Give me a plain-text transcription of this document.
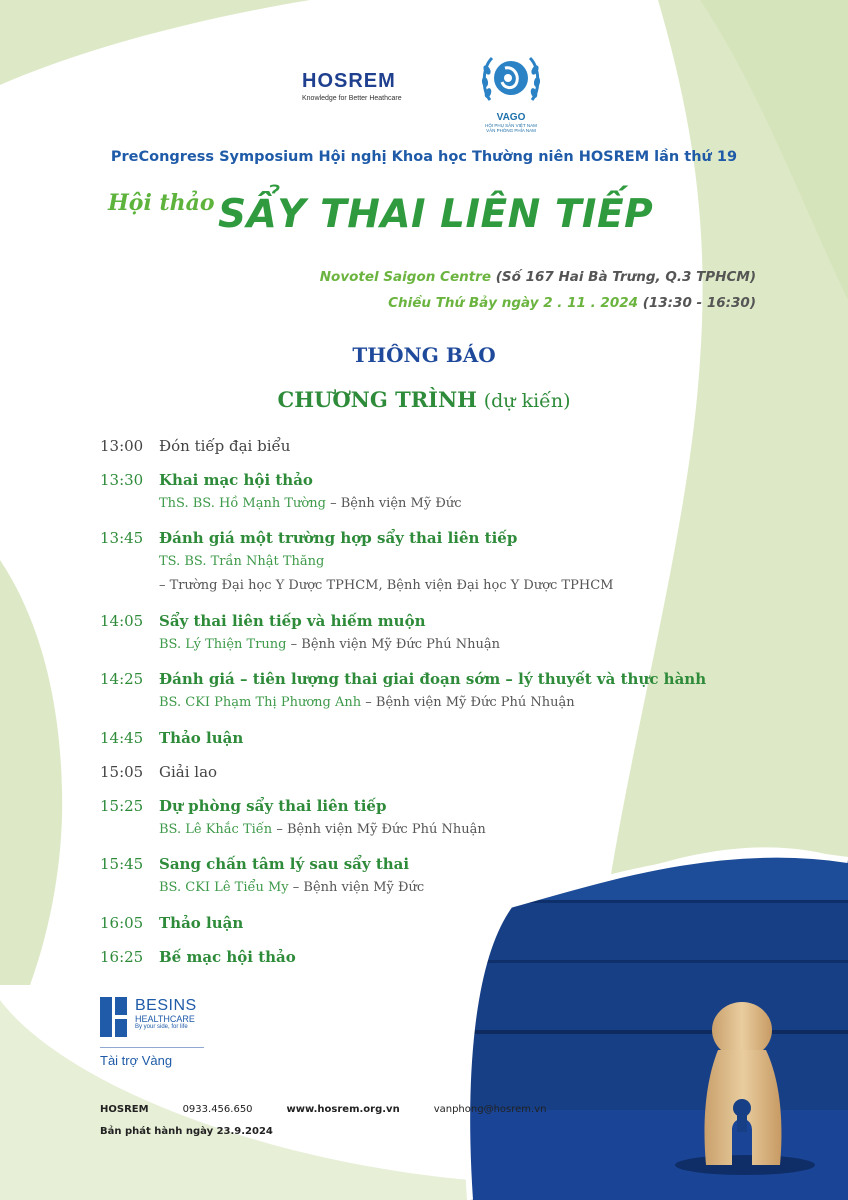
HOSREM
Knowledge for Better Heathcare
VAGO
HỘI PHỤ SẢN VIỆT NAM
VĂN PHÒNG PHÍA NAM
PreCongress Symposium Hội nghị Khoa học Thường niên HOSREM lần thứ 19
Hội thảo SẨY THAI LIÊN TIẾP
Novotel Saigon Centre (Số 167 Hai Bà Trưng, Q.3 TPHCM)
Chiều Thứ Bảy ngày 2 . 11 . 2024 (13:30 - 16:30)
THÔNG BÁO
CHƯƠNG TRÌNH (dự kiến)
13:00	Đón tiếp đại biểu
13:30	Khai mạc hội thảo
ThS. BS. Hồ Mạnh Tường – Bệnh viện Mỹ Đức
13:45	Đánh giá một trường hợp sẩy thai liên tiếp
TS. BS. Trần Nhật Thăng
– Trường Đại học Y Dược TPHCM, Bệnh viện Đại học Y Dược TPHCM
14:05	Sẩy thai liên tiếp và hiếm muộn
BS. Lý Thiện Trung – Bệnh viện Mỹ Đức Phú Nhuận
14:25	Đánh giá – tiên lượng thai giai đoạn sớm – lý thuyết và thực hành
BS. CKI Phạm Thị Phương Anh – Bệnh viện Mỹ Đức Phú Nhuận
14:45	Thảo luận
15:05	Giải lao
15:25	Dự phòng sẩy thai liên tiếp
BS. Lê Khắc Tiến – Bệnh viện Mỹ Đức Phú Nhuận
15:45	Sang chấn tâm lý sau sẩy thai
BS. CKI Lê Tiểu My – Bệnh viện Mỹ Đức
16:05	Thảo luận
16:25	Bế mạc hội thảo
BESINS
HEALTHCARE
By your side, for life
Tài trợ Vàng
HOSREM	0933.456.650	www.hosrem.org.vn	vanphong@hosrem.vn
Bản phát hành ngày 23.9.2024
